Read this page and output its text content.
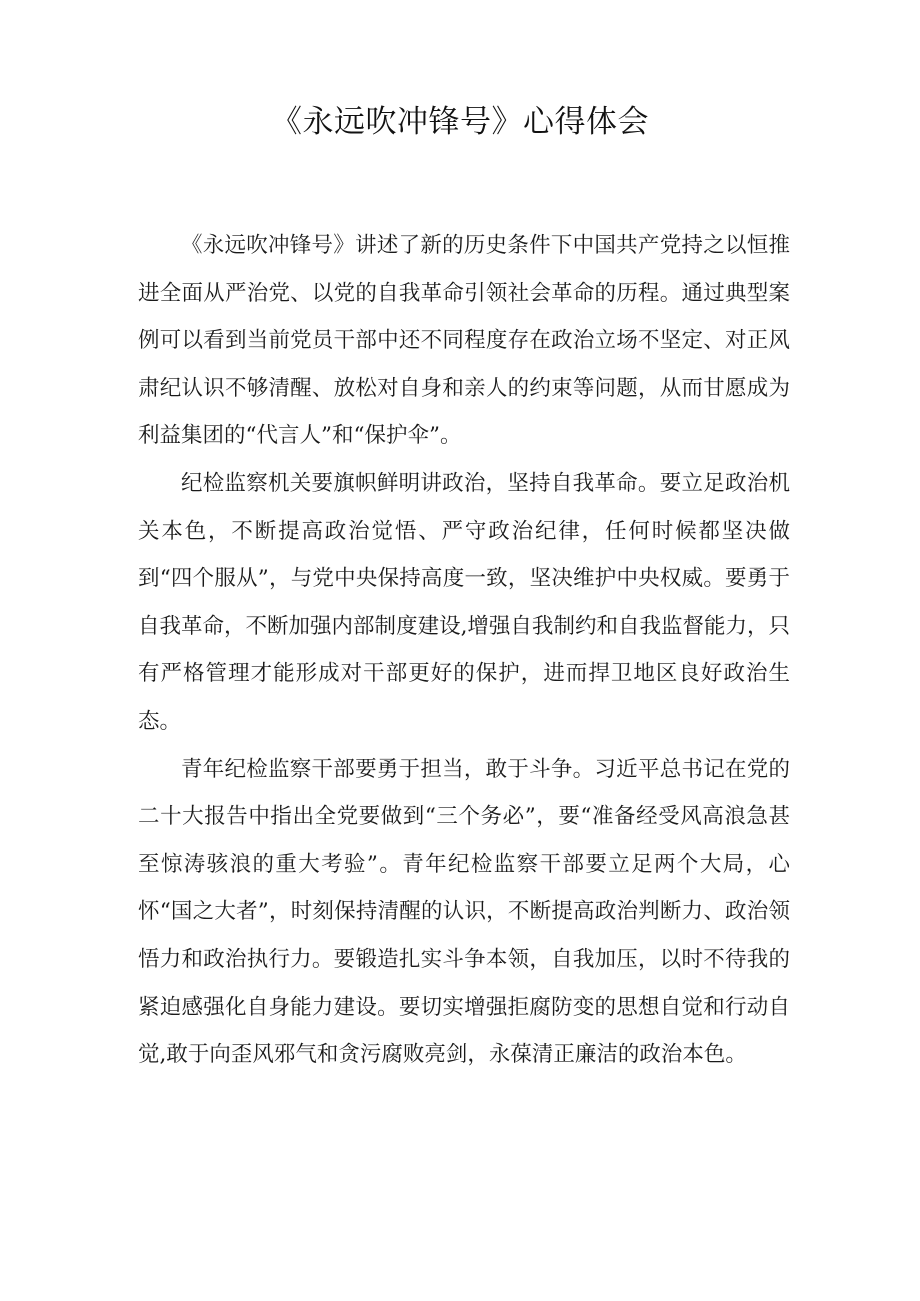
《永远吹冲锋号》心得体会

《永远吹冲锋号》讲述了新的历史条件下中国共产党持之以恒推进全面从严治党、以党的自我革命引领社会革命的历程。通过典型案例可以看到当前党员干部中还不同程度存在政治立场不坚定、对正风肃纪认识不够清醒、放松对自身和亲人的约束等问题，从而甘愿成为利益集团的“代言人”和“保护伞”。

纪检监察机关要旗帜鲜明讲政治，坚持自我革命。要立足政治机关本色，不断提高政治觉悟、严守政治纪律，任何时候都坚决做到“四个服从”，与党中央保持高度一致，坚决维护中央权威。要勇于自我革命，不断加强内部制度建设,增强自我制约和自我监督能力，只有严格管理才能形成对干部更好的保护，进而捍卫地区良好政治生态。

青年纪检监察干部要勇于担当，敢于斗争。习近平总书记在党的二十大报告中指出全党要做到“三个务必”，要“准备经受风高浪急甚至惊涛骇浪的重大考验”。青年纪检监察干部要立足两个大局，心怀“国之大者”，时刻保持清醒的认识，不断提高政治判断力、政治领悟力和政治执行力。要锻造扎实斗争本领，自我加压，以时不待我的紧迫感强化自身能力建设。要切实增强拒腐防变的思想自觉和行动自觉,敢于向歪风邪气和贪污腐败亮剑，永葆清正廉洁的政治本色。
